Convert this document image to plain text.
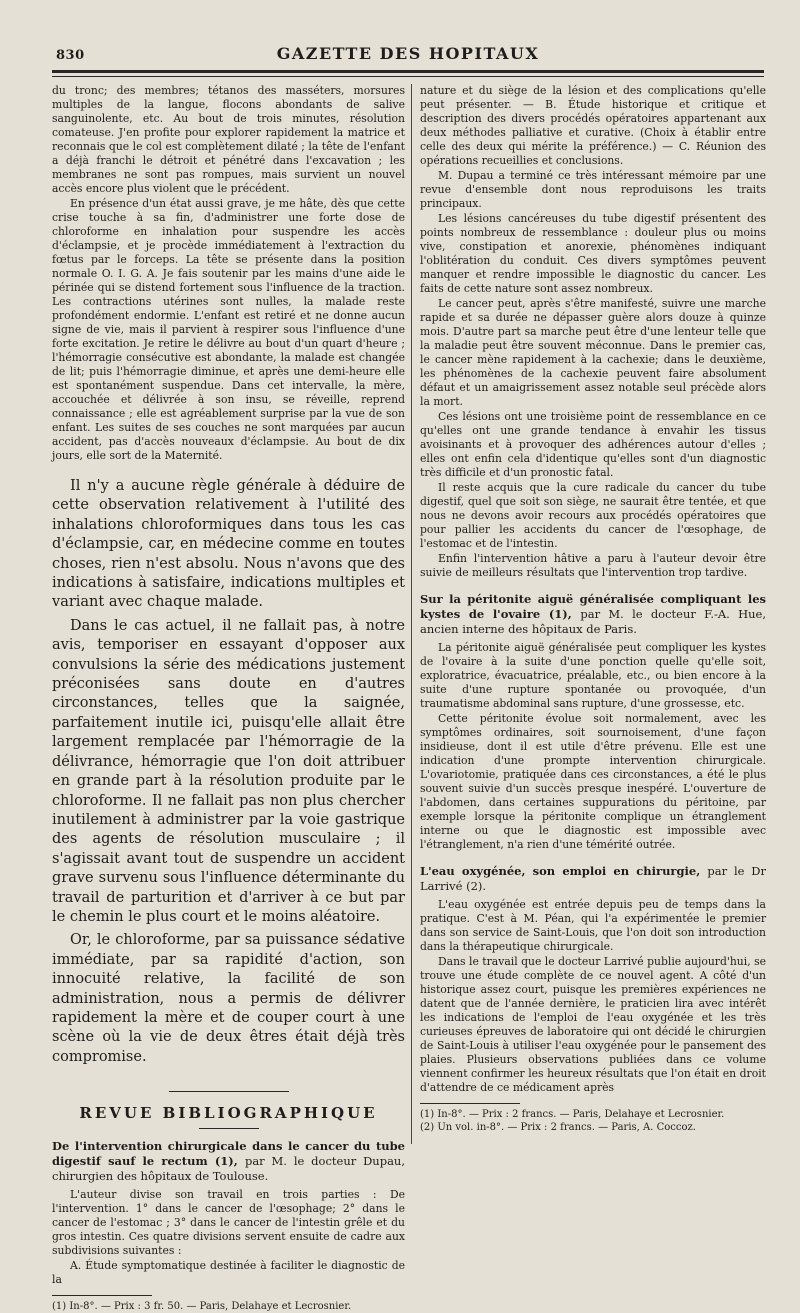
830	GAZETTE DES HOPITAUX

du tronc; des membres; tétanos des masséters, morsures multiples de la langue, flocons abondants de salive sanguinolente, etc. Au bout de trois minutes, résolution comateuse. J'en profite pour explorer rapidement la matrice et reconnais que le col est complètement dilaté ; la tête de l'enfant a déjà franchi le détroit et pénétré dans l'excavation ; les membranes ne sont pas rompues, mais survient un nouvel accès encore plus violent que le précédent.

En présence d'un état aussi grave, je me hâte, dès que cette crise touche à sa fin, d'administrer une forte dose de chloroforme en inhalation pour suspendre les accès d'éclampsie, et je procède immédiatement à l'extraction du fœtus par le forceps. La tête se présente dans la position normale O. I. G. A. Je fais soutenir par les mains d'une aide le périnée qui se distend fortement sous l'influence de la traction. Les contractions utérines sont nulles, la malade reste profondément endormie. L'enfant est retiré et ne donne aucun signe de vie, mais il parvient à respirer sous l'influence d'une forte excitation. Je retire le délivre au bout d'un quart d'heure ; l'hémorragie consécutive est abondante, la malade est changée de lit; puis l'hémorragie diminue, et après une demi-heure elle est spontanément suspendue. Dans cet intervalle, la mère, accouchée et délivrée à son insu, se réveille, reprend connaissance ; elle est agréablement surprise par la vue de son enfant. Les suites de ses couches ne sont marquées par aucun accident, pas d'accès nouveaux d'éclampsie. Au bout de dix jours, elle sort de la Maternité.

Il n'y a aucune règle générale à déduire de cette observation relativement à l'utilité des inhalations chloroformiques dans tous les cas d'éclampsie, car, en médecine comme en toutes choses, rien n'est absolu. Nous n'avons que des indications à satisfaire, indications multiples et variant avec chaque malade.

Dans le cas actuel, il ne fallait pas, à notre avis, temporiser en essayant d'opposer aux convulsions la série des médications justement préconisées sans doute en d'autres circonstances, telles que la saignée, parfaitement inutile ici, puisqu'elle allait être largement remplacée par l'hémorragie de la délivrance, hémorragie que l'on doit attribuer en grande part à la résolution produite par le chloroforme. Il ne fallait pas non plus chercher inutilement à administrer par la voie gastrique des agents de résolution musculaire ; il s'agissait avant tout de suspendre un accident grave survenu sous l'influence déterminante du travail de parturition et d'arriver à ce but par le chemin le plus court et le moins aléatoire.

Or, le chloroforme, par sa puissance sédative immédiate, par sa rapidité d'action, son innocuité relative, la facilité de son administration, nous a permis de délivrer rapidement la mère et de couper court à une scène où la vie de deux êtres était déjà très compromise.

REVUE BIBLIOGRAPHIQUE

De l'intervention chirurgicale dans le cancer du tube digestif sauf le rectum (1), par M. le docteur Dupau, chirurgien des hôpitaux de Toulouse.

L'auteur divise son travail en trois parties : De l'intervention. 1° dans le cancer de l'œsophage; 2° dans le cancer de l'estomac ; 3° dans le cancer de l'intestin grêle et du gros intestin. Ces quatre divisions servent ensuite de cadre aux subdivisions suivantes :

A. Étude symptomatique destinée à faciliter le diagnostic de la

(1) In-8°. — Prix : 3 fr. 50. — Paris, Delahaye et Lecrosnier.

nature et du siège de la lésion et des complications qu'elle peut présenter. — B. Étude historique et critique et description des divers procédés opératoires appartenant aux deux méthodes palliative et curative. (Choix à établir entre celle des deux qui mérite la préférence.) — C. Réunion des opérations recueillies et conclusions.

M. Dupau a terminé ce très intéressant mémoire par une revue d'ensemble dont nous reproduisons les traits principaux.

Les lésions cancéreuses du tube digestif présentent des points nombreux de ressemblance : douleur plus ou moins vive, constipation et anorexie, phénomènes indiquant l'oblitération du conduit. Ces divers symptômes peuvent manquer et rendre impossible le diagnostic du cancer. Les faits de cette nature sont assez nombreux.

Le cancer peut, après s'être manifesté, suivre une marche rapide et sa durée ne dépasser guère alors douze à quinze mois. D'autre part sa marche peut être d'une lenteur telle que la maladie peut être souvent méconnue. Dans le premier cas, le cancer mène rapidement à la cachexie; dans le deuxième, les phénomènes de la cachexie peuvent faire absolument défaut et un amaigrissement assez notable seul précède alors la mort.

Ces lésions ont une troisième point de ressemblance en ce qu'elles ont une grande tendance à envahir les tissus avoisinants et à provoquer des adhérences autour d'elles ; elles ont enfin cela d'identique qu'elles sont d'un diagnostic très difficile et d'un pronostic fatal.

Il reste acquis que la cure radicale du cancer du tube digestif, quel que soit son siège, ne saurait être tentée, et que nous ne devons avoir recours aux procédés opératoires que pour pallier les accidents du cancer de l'œsophage, de l'estomac et de l'intestin.

Enfin l'intervention hâtive a paru à l'auteur devoir être suivie de meilleurs résultats que l'intervention trop tardive.

Sur la péritonite aiguë généralisée compliquant les kystes de l'ovaire (1), par M. le docteur F.-A. Hue, ancien interne des hôpitaux de Paris.

La péritonite aiguë généralisée peut compliquer les kystes de l'ovaire à la suite d'une ponction quelle qu'elle soit, exploratrice, évacuatrice, préalable, etc., ou bien encore à la suite d'une rupture spontanée ou provoquée, d'un traumatisme abdominal sans rupture, d'une grossesse, etc.

Cette péritonite évolue soit normalement, avec les symptômes ordinaires, soit sournoisement, d'une façon insidieuse, dont il est utile d'être prévenu. Elle est une indication d'une prompte intervention chirurgicale. L'ovariotomie, pratiquée dans ces circonstances, a été le plus souvent suivie d'un succès presque inespéré. L'ouverture de l'abdomen, dans certaines suppurations du péritoine, par exemple lorsque la péritonite complique un étranglement interne ou que le diagnostic est impossible avec l'étranglement, n'a rien d'une témérité outrée.

L'eau oxygénée, son emploi en chirurgie, par le Dr Larrivé (2).

L'eau oxygénée est entrée depuis peu de temps dans la pratique. C'est à M. Péan, qui l'a expérimentée le premier dans son service de Saint-Louis, que l'on doit son introduction dans la thérapeutique chirurgicale.

Dans le travail que le docteur Larrivé publie aujourd'hui, se trouve une étude complète de ce nouvel agent. A côté d'un historique assez court, puisque les premières expériences ne datent que de l'année dernière, le praticien lira avec intérêt les indications de l'emploi de l'eau oxygénée et les très curieuses épreuves de laboratoire qui ont décidé le chirurgien de Saint-Louis à utiliser l'eau oxygénée pour le pansement des plaies. Plusieurs observations publiées dans ce volume viennent confirmer les heureux résultats que l'on était en droit d'attendre de ce médicament après

(1) In-8°. — Prix : 2 francs. — Paris, Delahaye et Lecrosnier.

(2) Un vol. in-8°. — Prix : 2 francs. — Paris, A. Coccoz.
